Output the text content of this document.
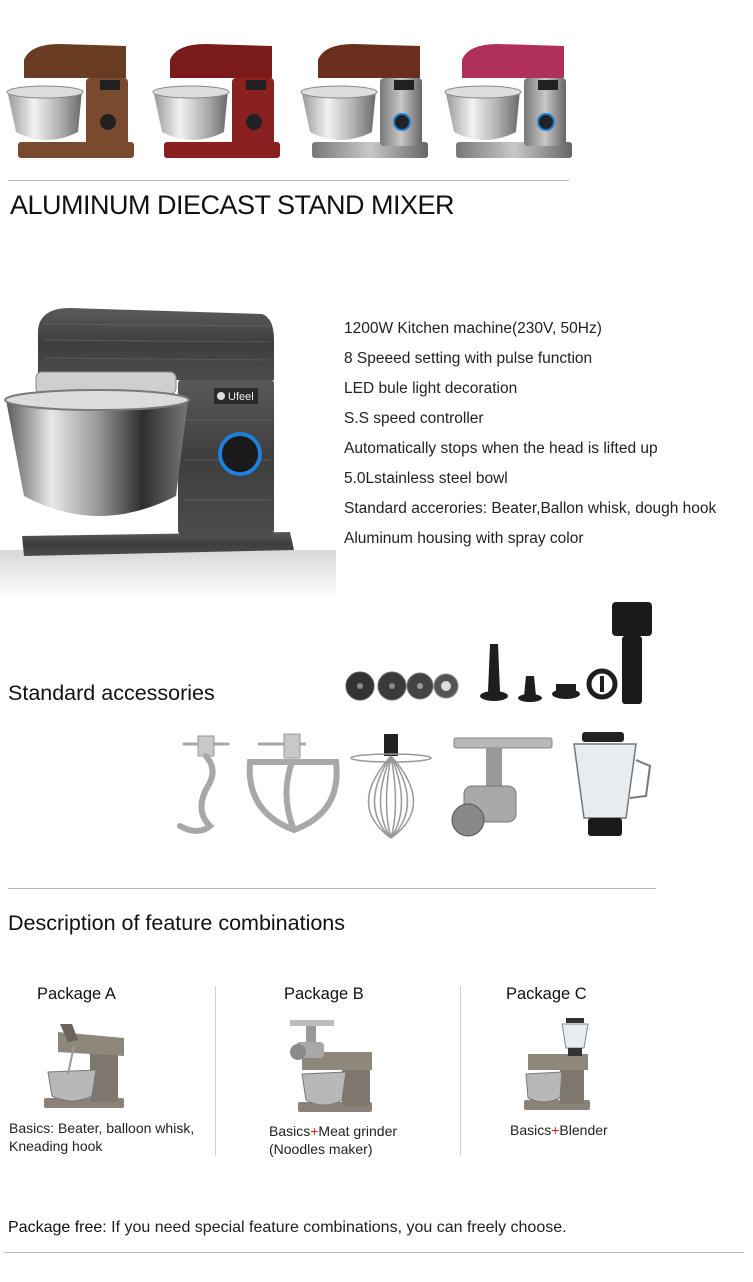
ALUMINUM DIECAST STAND MIXER
Ufeel
1200W Kitchen machine(230V, 50Hz)
8 Speeed setting with pulse function
LED bule light decoration
S.S speed controller
Automatically stops when the head is lifted up
5.0Lstainless steel bowl
Standard accerories: Beater,Ballon whisk, dough hook
Aluminum housing with spray color
Standard accessories
Description of feature combinations
Package A
Basics: Beater, balloon whisk, Kneading hook
Package B
Basics+Meat grinder (Noodles maker)
Package C
Basics+Blender
Package free: If you need special feature combinations, you can freely choose.
